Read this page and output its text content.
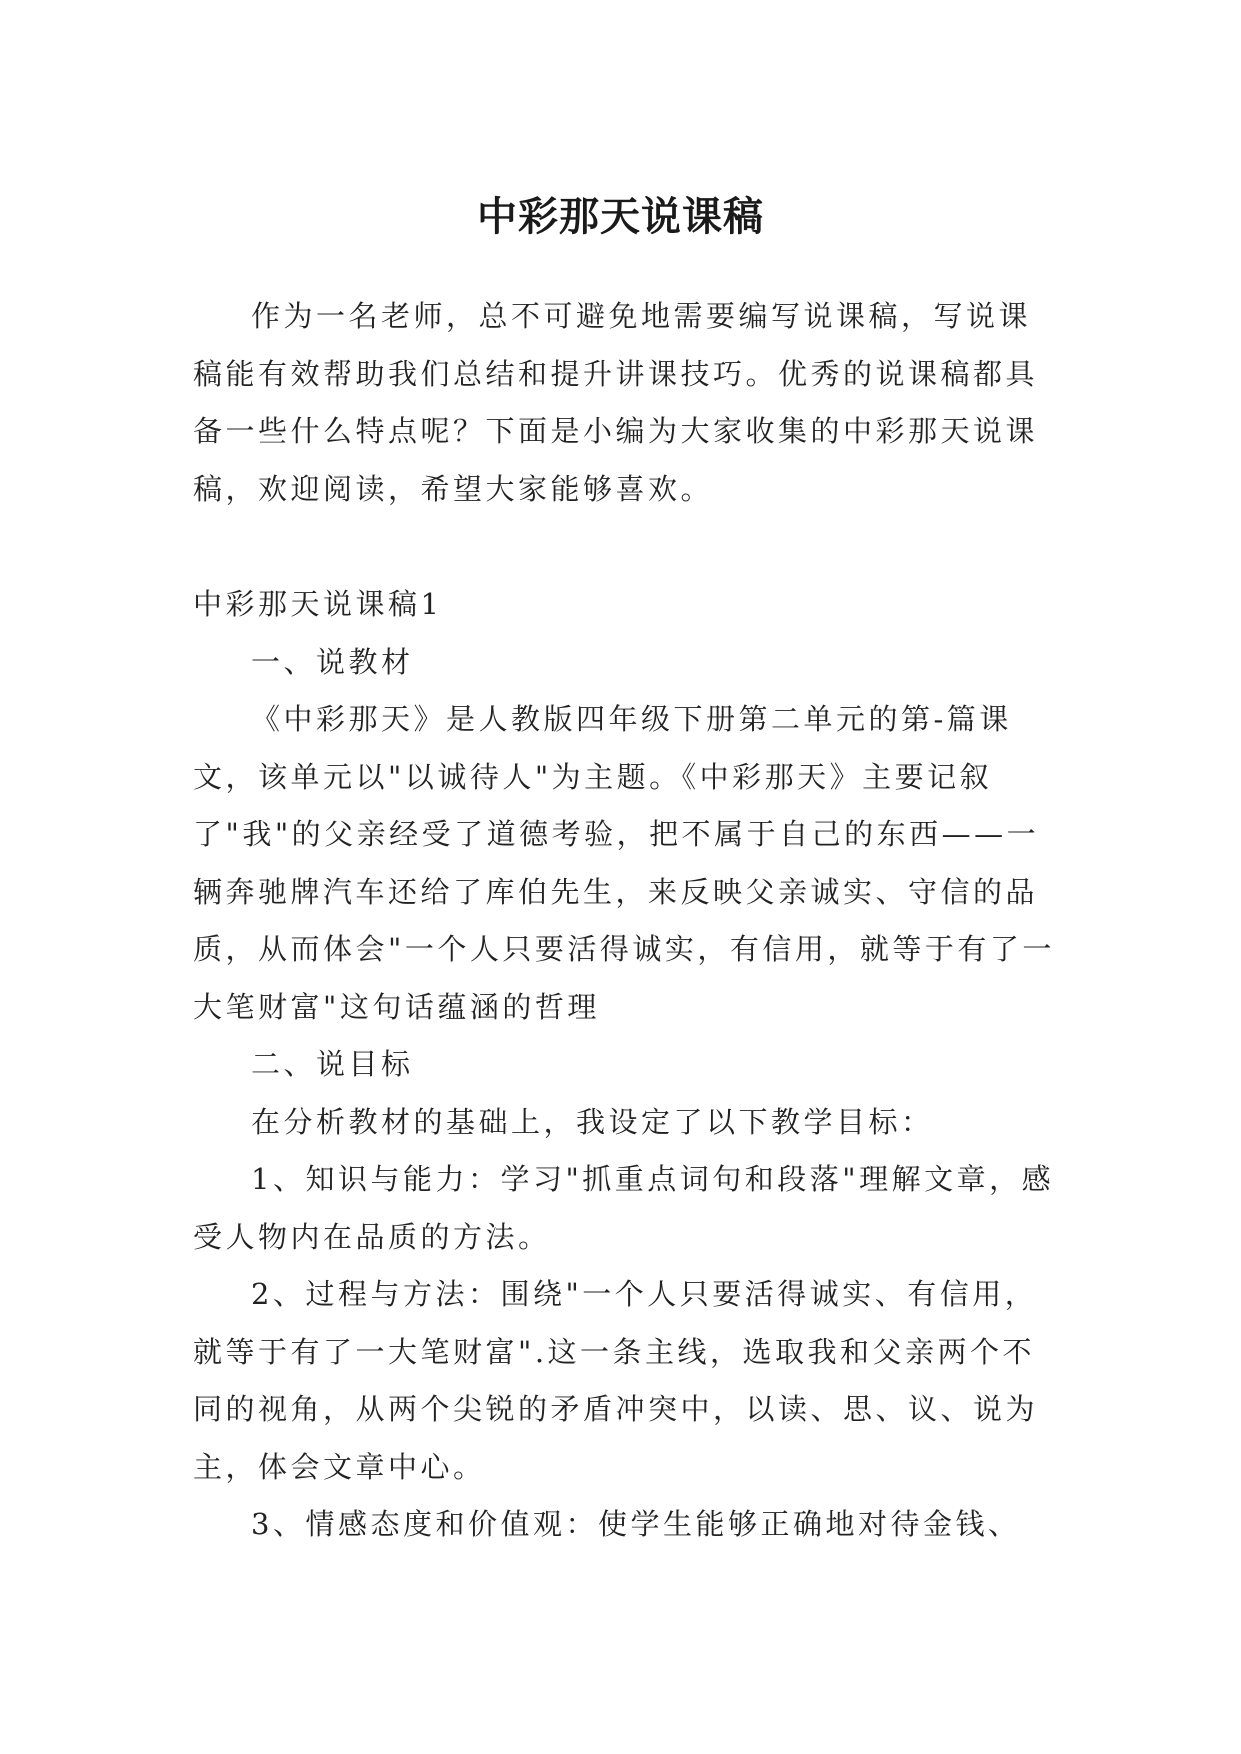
中彩那天说课稿

作为一名老师，总不可避免地需要编写说课稿，写说课稿能有效帮助我们总结和提升讲课技巧。优秀的说课稿都具备一些什么特点呢？下面是小编为大家收集的中彩那天说课稿，欢迎阅读，希望大家能够喜欢。

中彩那天说课稿1

一、说教材

《中彩那天》是人教版四年级下册第二单元的第-篇课文，该单元以"以诚待人"为主题。《中彩那天》主要记叙了"我"的父亲经受了道德考验，把不属于自己的东西——一辆奔驰牌汽车还给了库伯先生，来反映父亲诚实、守信的品质，从而体会"一个人只要活得诚实，有信用，就等于有了一大笔财富"这句话蕴涵的哲理

二、说目标

在分析教材的基础上，我设定了以下教学目标：

1、知识与能力：学习"抓重点词句和段落"理解文章，感受人物内在品质的方法。

2、过程与方法：围绕"一个人只要活得诚实、有信用，就等于有了一大笔财富".这一条主线，选取我和父亲两个不同的视角，从两个尖锐的矛盾冲突中，以读、思、议、说为主，体会文章中心。

3、情感态度和价值观：使学生能够正确地对待金钱、
